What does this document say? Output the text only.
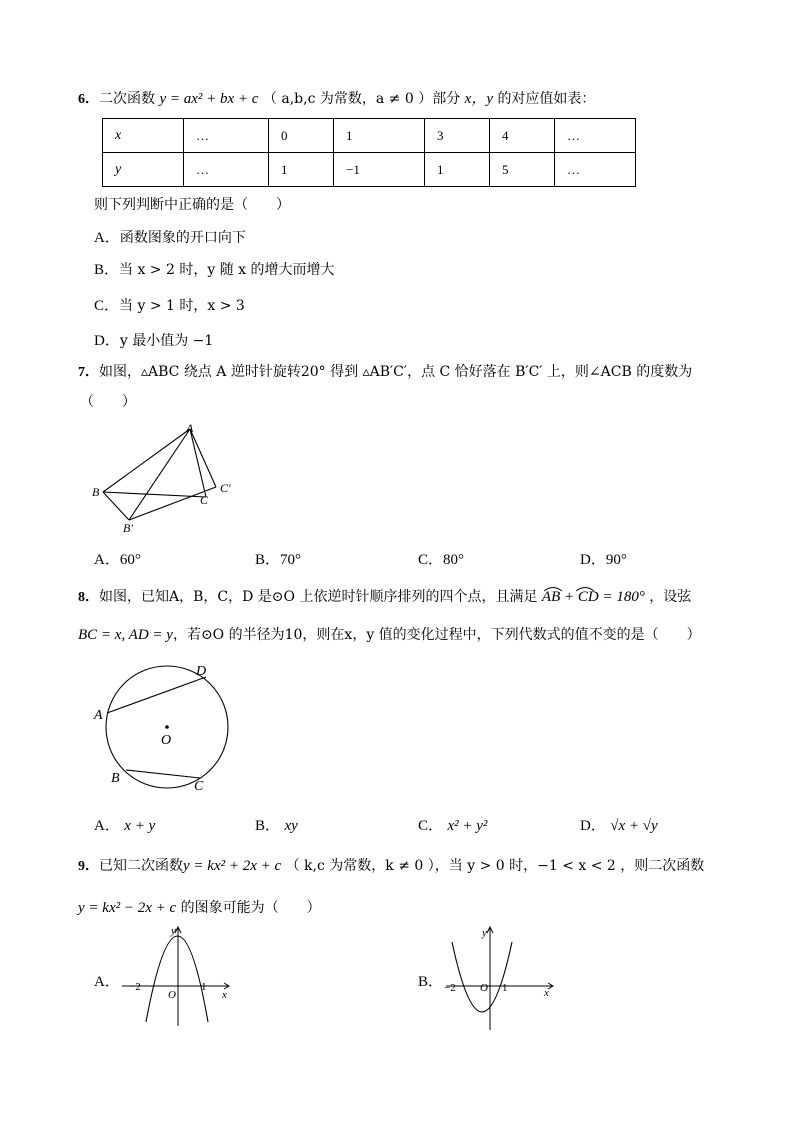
6．二次函数 y = ax² + bx + c （ a,b,c 为常数，a ≠ 0 ）部分 x，y 的对应值如表：
x	…	0	1	3	4	…
y	…	1	−1	1	5	…
则下列判断中正确的是（　　）
A．函数图象的开口向下
B．当 x > 2 时，y 随 x 的增大而增大
C．当 y > 1 时，x > 3
D．y 最小值为 −1
7．如图，▵ABC 绕点 A 逆时针旋转20° 得到 ▵AB′C′，点 C 恰好落在 B′C′ 上，则∠ACB 的度数为
（　　）
A
B
C
B′
C′
A．60°	B．70°	C．80°	D．90°
8．如图，已知A，B，C，D 是⊙O 上依逆时针顺序排列的四个点，且满足 AB + CD = 180° ，设弦
BC = x, AD = y，若⊙O 的半径为10，则在x，y 值的变化过程中，下列代数式的值不变的是（　　）
D
A
O
B
C
A． x + y	B． xy	C． x² + y²	D． √x + √y
9．已知二次函数y = kx² + 2x + c （ k,c 为常数，k ≠ 0 ），当 y > 0 时，−1 < x < 2 ，则二次函数
y = kx² − 2x + c 的图象可能为（　　）
A．
x
y
O
−2	1	B．
x
y
O
−2	1
